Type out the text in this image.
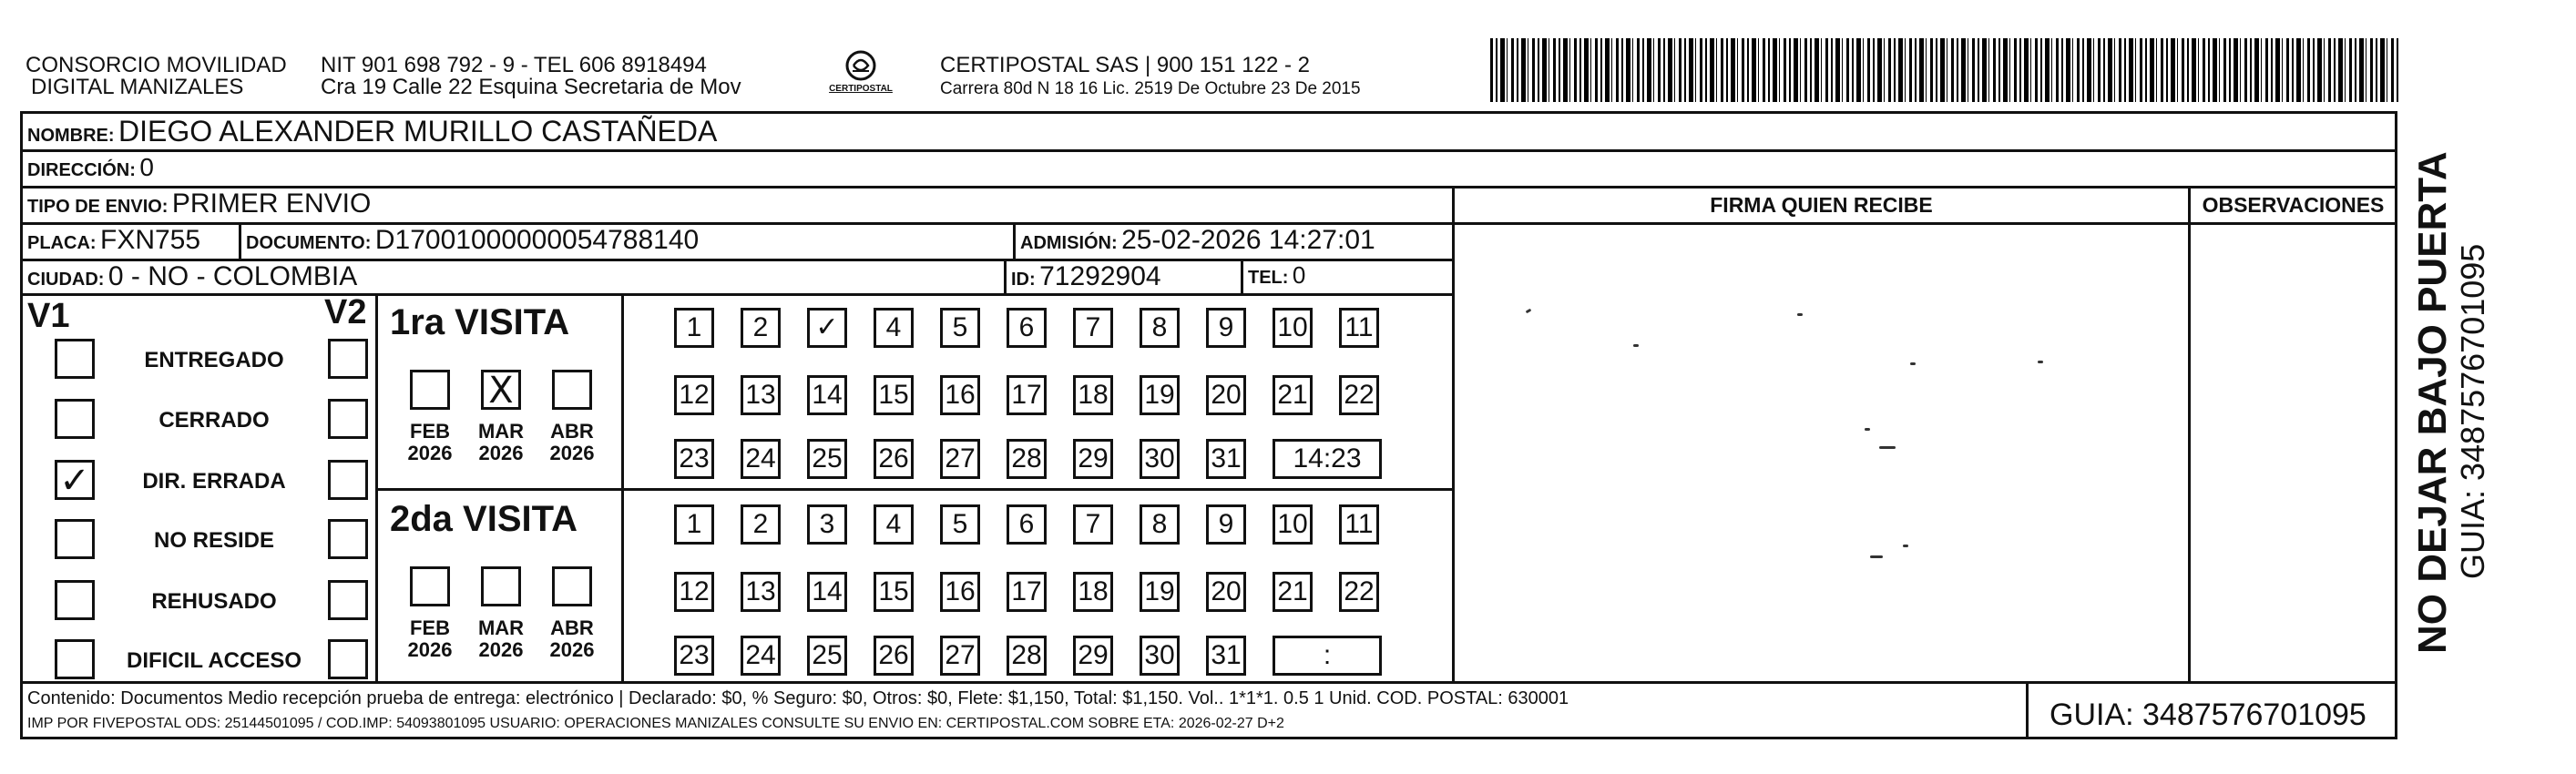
CONSORCIO MOVILIDAD
DIGITAL MANIZALES
NIT 901 698 792 - 9 - TEL 606 8918494
Cra 19 Calle 22 Esquina Secretaria de Mov	CERTIPOSTAL
CERTIPOSTAL SAS | 900 151 122 - 2
Carrera 80d N 18 16 Lic. 2519 De Octubre 23 De 2015
NOMBRE: DIEGO ALEXANDER MURILLO CASTAÑEDA
DIRECCIÓN: 0
TIPO DE ENVIO: PRIMER ENVIO	FIRMA QUIEN RECIBE	OBSERVACIONES
PLACA: FXN755 DOCUMENTO: D17001000000054788140	ADMISIÓN: 25-02-2026 14:27:01
CIUDAD: 0 - NO - COLOMBIA	ID: 71292904	TEL: 0
V1	V2
ENTREGADO
CERRADO
✓	DIR. ERRADA
NO RESIDE
REHUSADO
DIFICIL ACCESO
1ra VISITA
FEB
2026
X
MAR
2026
ABR
2026
1	2	✓	4	5	6	7	8	9	10 11
12 13 14 15 16 17 18 19 20 21 22
23 24 25 26 27 28 29 30 31	14:23
2da VISITA
FEB
2026
MAR
2026
ABR
2026
1	2	3	4	5	6	7	8	9	10 11
12 13 14 15 16 17 18 19 20 21 22
23 24 25 26 27 28 29 30 31	:
Contenido: Documentos Medio recepción prueba de entrega: electrónico | Declarado: $0, % Seguro: $0, Otros: $0, Flete: $1,150, Total: $1,150. Vol.. 1*1*1. 0.5 1 Unid. COD. POSTAL: 630001
IMP POR FIVEPOSTAL ODS: 25144501095 / COD.IMP: 54093801095 USUARIO: OPERACIONES MANIZALES CONSULTE SU ENVIO EN: CERTIPOSTAL.COM SOBRE ETA: 2026-02-27 D+2	GUIA: 3487576701095
NO DEJAR BAJO PUERTA GUIA: 3487576701095
